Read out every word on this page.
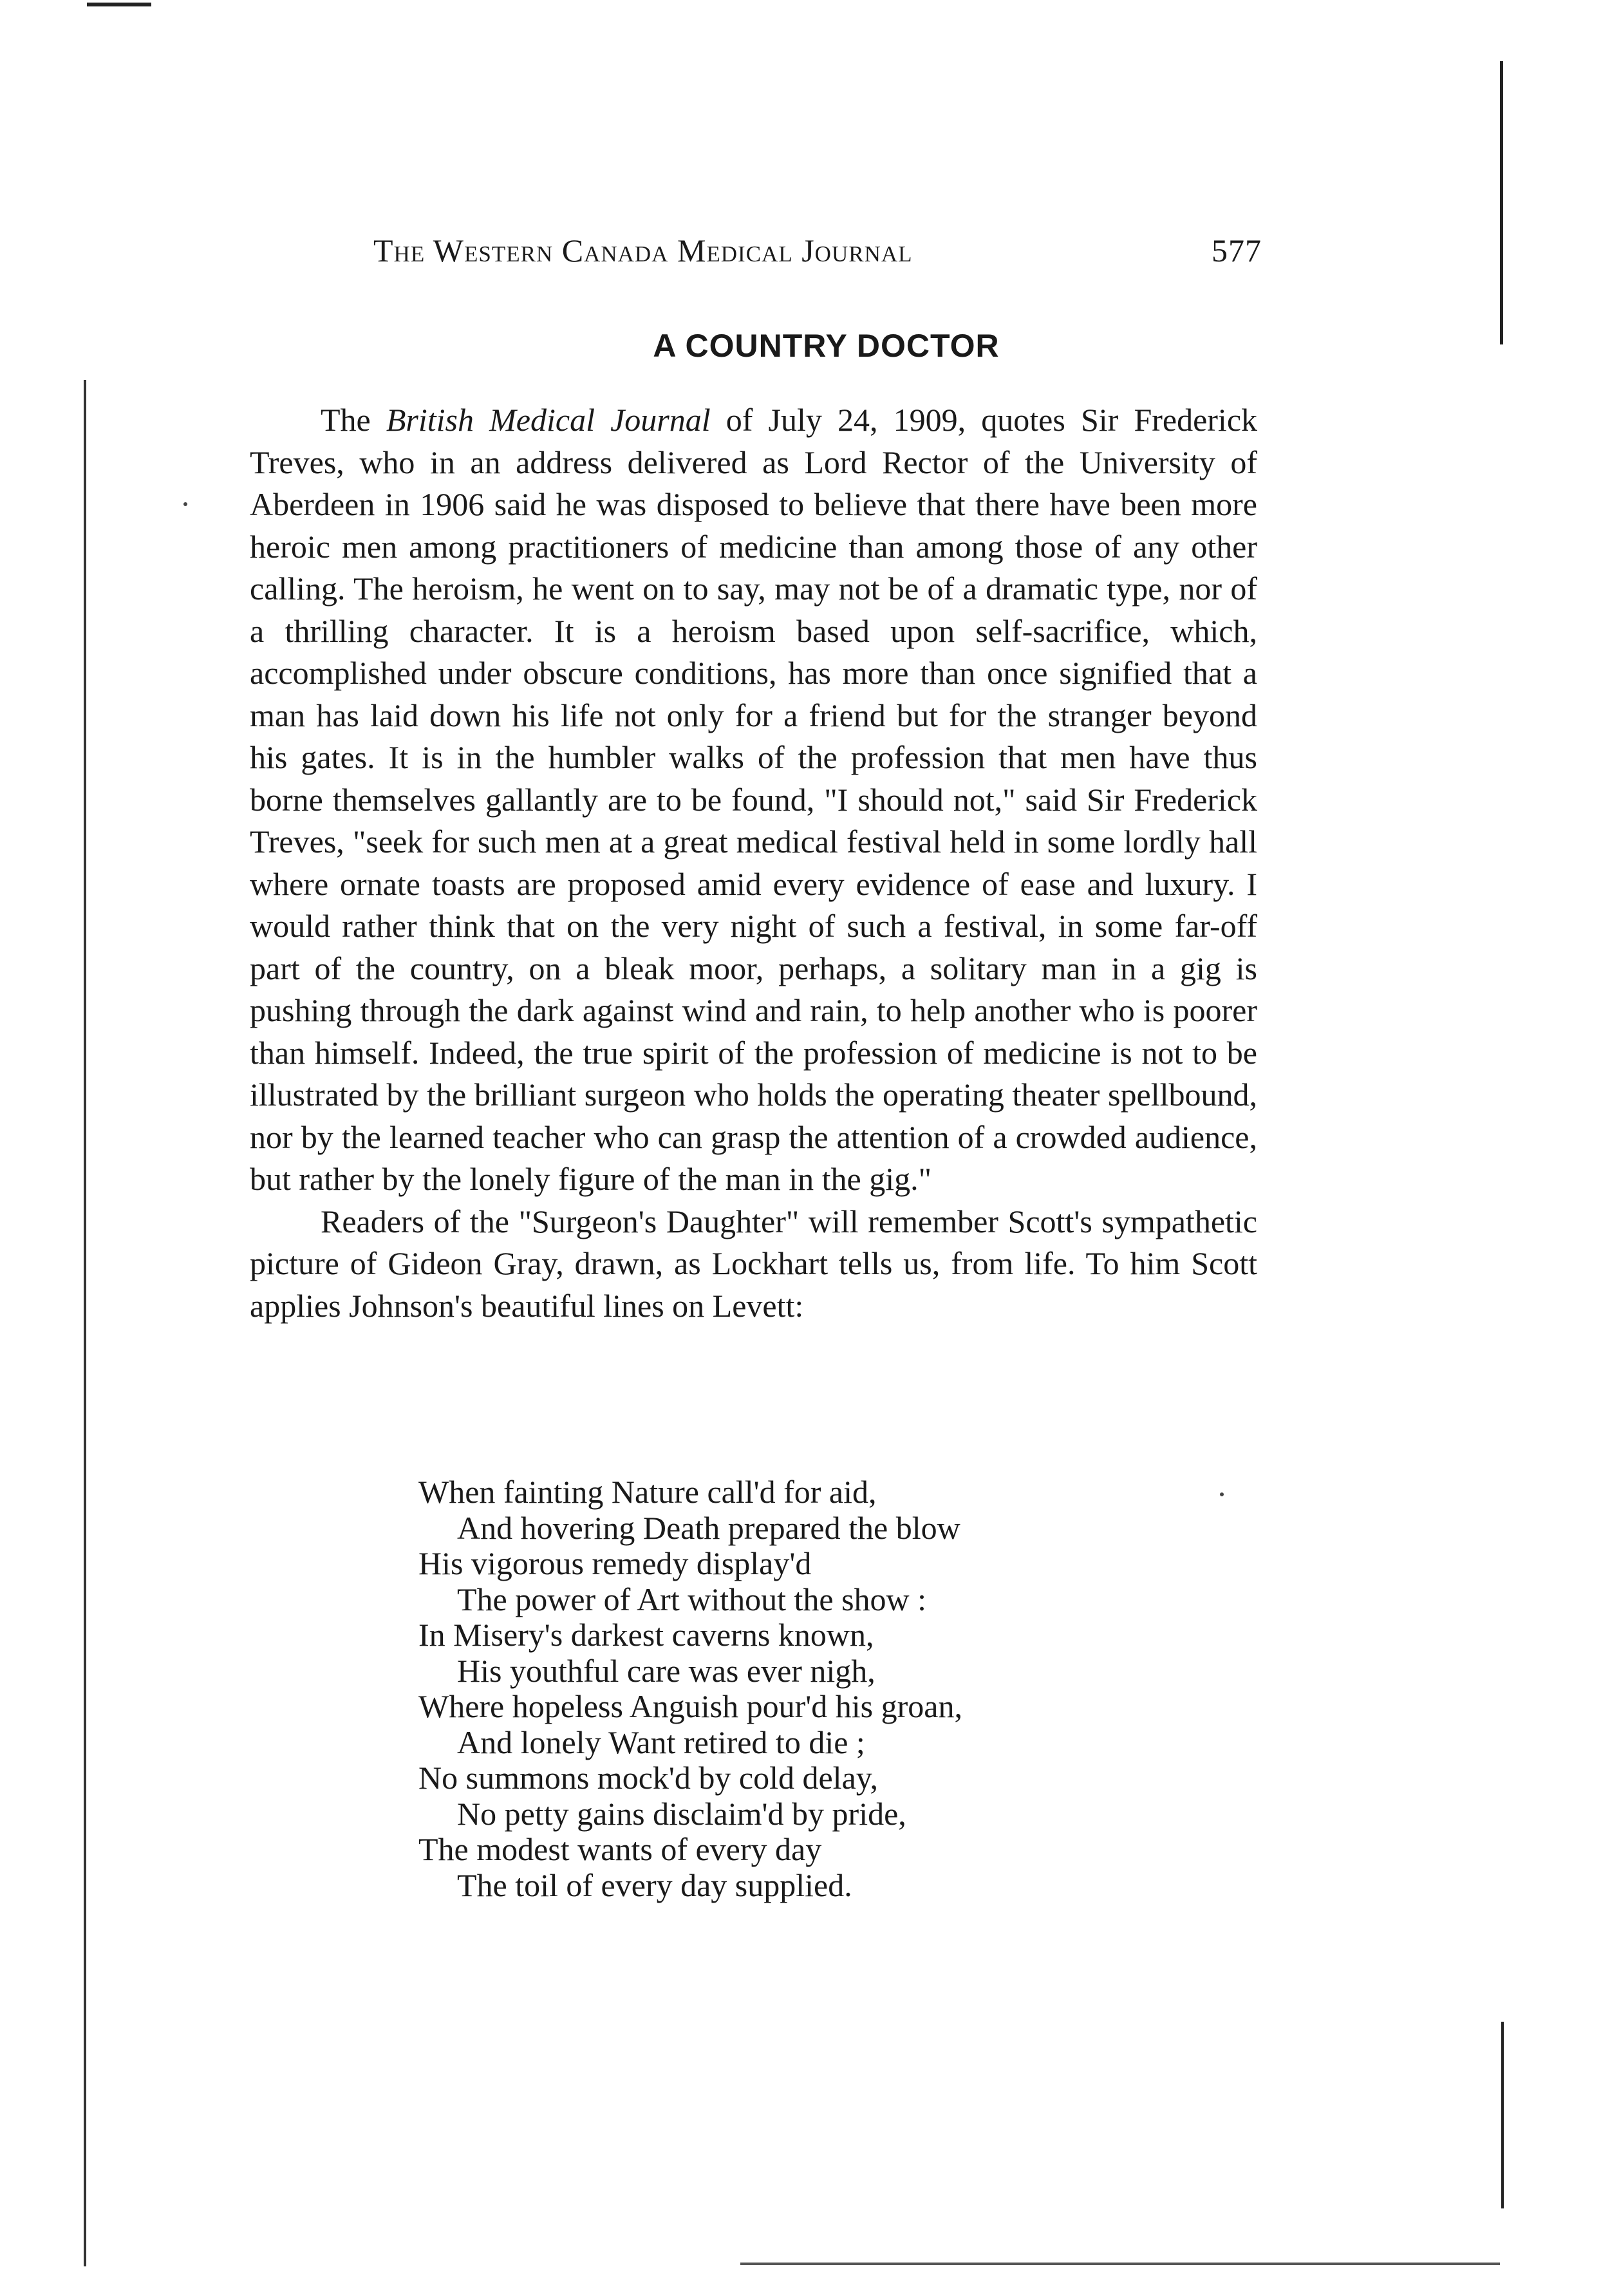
The Western Canada Medical Journal	577
A COUNTRY DOCTOR

The British Medical Journal of July 24, 1909, quotes Sir Frederick Treves, who in an address delivered as Lord Rector of the University of Aberdeen in 1906 said he was disposed to believe that there have been more heroic men among practitioners of medicine than among those of any other calling. The heroism, he went on to say, may not be of a dramatic type, nor of a thrilling character. It is a heroism based upon self-sacrifice, which, accomplished under obscure conditions, has more than once signified that a man has laid down his life not only for a friend but for the stranger beyond his gates. It is in the humbler walks of the profession that men have thus borne themselves gallantly are to be found, "I should not," said Sir Frederick Treves, "seek for such men at a great medical festival held in some lordly hall where ornate toasts are proposed amid every evidence of ease and luxury. I would rather think that on the very night of such a festival, in some far-off part of the country, on a bleak moor, perhaps, a solitary man in a gig is pushing through the dark against wind and rain, to help another who is poorer than himself. Indeed, the true spirit of the profession of medicine is not to be illustrated by the brilliant surgeon who holds the operating theater spellbound, nor by the learned teacher who can grasp the attention of a crowded audience, but rather by the lonely figure of the man in the gig."

Readers of the "Surgeon's Daughter" will remember Scott's sympathetic picture of Gideon Gray, drawn, as Lockhart tells us, from life. To him Scott applies Johnson's beautiful lines on Levett:

When fainting Nature call'd for aid,
And hovering Death prepared the blow
His vigorous remedy display'd
The power of Art without the show :
In Misery's darkest caverns known,
His youthful care was ever nigh,
Where hopeless Anguish pour'd his groan,
And lonely Want retired to die ;
No summons mock'd by cold delay,
No petty gains disclaim'd by pride,
The modest wants of every day
The toil of every day supplied.
